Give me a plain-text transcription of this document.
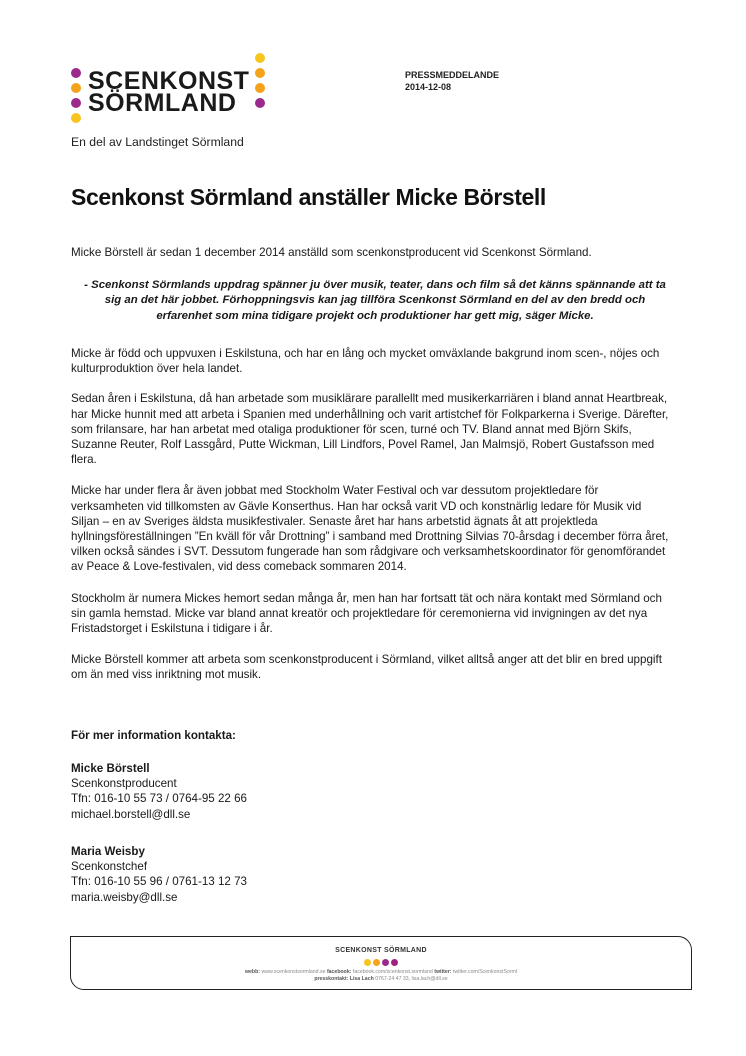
SCENKONST
SÖRMLAND
En del av Landstinget Sörmland
PRESSMEDDELANDE
2014-12-08
Scenkonst Sörmland anställer Micke Börstell
Micke Börstell är sedan 1 december 2014 anställd som scenkonstproducent vid Scenkonst Sörmland.
- Scenkonst Sörmlands uppdrag spänner ju över musik, teater, dans och film så det känns spännande att ta sig an det här jobbet. Förhoppningsvis kan jag tillföra Scenkonst Sörmland en del av den bredd och erfarenhet som mina tidigare projekt och produktioner har gett mig, säger Micke.

Micke är född och uppvuxen i Eskilstuna, och har en lång och mycket omväxlande bakgrund inom scen-, nöjes och kulturproduktion över hela landet.

Sedan åren i Eskilstuna, då han arbetade som musiklärare parallellt med musikerkarriären i bland annat Heartbreak, har Micke hunnit med att arbeta i Spanien med underhållning och varit artistchef för Folkparkerna i Sverige. Därefter, som frilansare, har han arbetat med otaliga produktioner för scen, turné och TV. Bland annat med Björn Skifs, Suzanne Reuter, Rolf Lassgård, Putte Wickman, Lill Lindfors, Povel Ramel, Jan Malmsjö, Robert Gustafsson med flera.

Micke har under flera år även jobbat med Stockholm Water Festival och var dessutom projektledare för verksamheten vid tillkomsten av Gävle Konserthus. Han har också varit VD och konstnärlig ledare för Musik vid Siljan – en av Sveriges äldsta musikfestivaler. Senaste året har hans arbetstid ägnats åt att projektleda hyllningsföreställningen ”En kväll för vår Drottning” i samband med Drottning Silvias 70-årsdag i december förra året, vilken också sändes i SVT. Dessutom fungerade han som rådgivare och verksamhetskoordinator för genomförandet av Peace & Love-festivalen, vid dess comeback sommaren 2014.

Stockholm är numera Mickes hemort sedan många år, men han har fortsatt tät och nära kontakt med Sörmland och sin gamla hemstad. Micke var bland annat kreatör och projektledare för ceremonierna vid invigningen av det nya Fristadstorget i Eskilstuna i tidigare i år.

Micke Börstell kommer att arbeta som scenkonstproducent i Sörmland, vilket alltså anger att det blir en bred uppgift om än med viss inriktning mot musik.

För mer information kontakta:
Micke Börstell
Scenkonstproducent
Tfn: 016-10 55 73 / 0764-95 22 66
michael.borstell@dll.se
Maria Weisby
Scenkonstchef
Tfn: 016-10 55 96 / 0761-13 12 73
maria.weisby@dll.se
SCENKONST SÖRMLAND
webb: www.scenkonstsormland.se facebook: facebook.com/scenkonst.sormland twitter: twitter.com/ScenkonstSorml
presskontakt: Lisa Lach 0767-24 47 33, lisa.lach@dll.se
